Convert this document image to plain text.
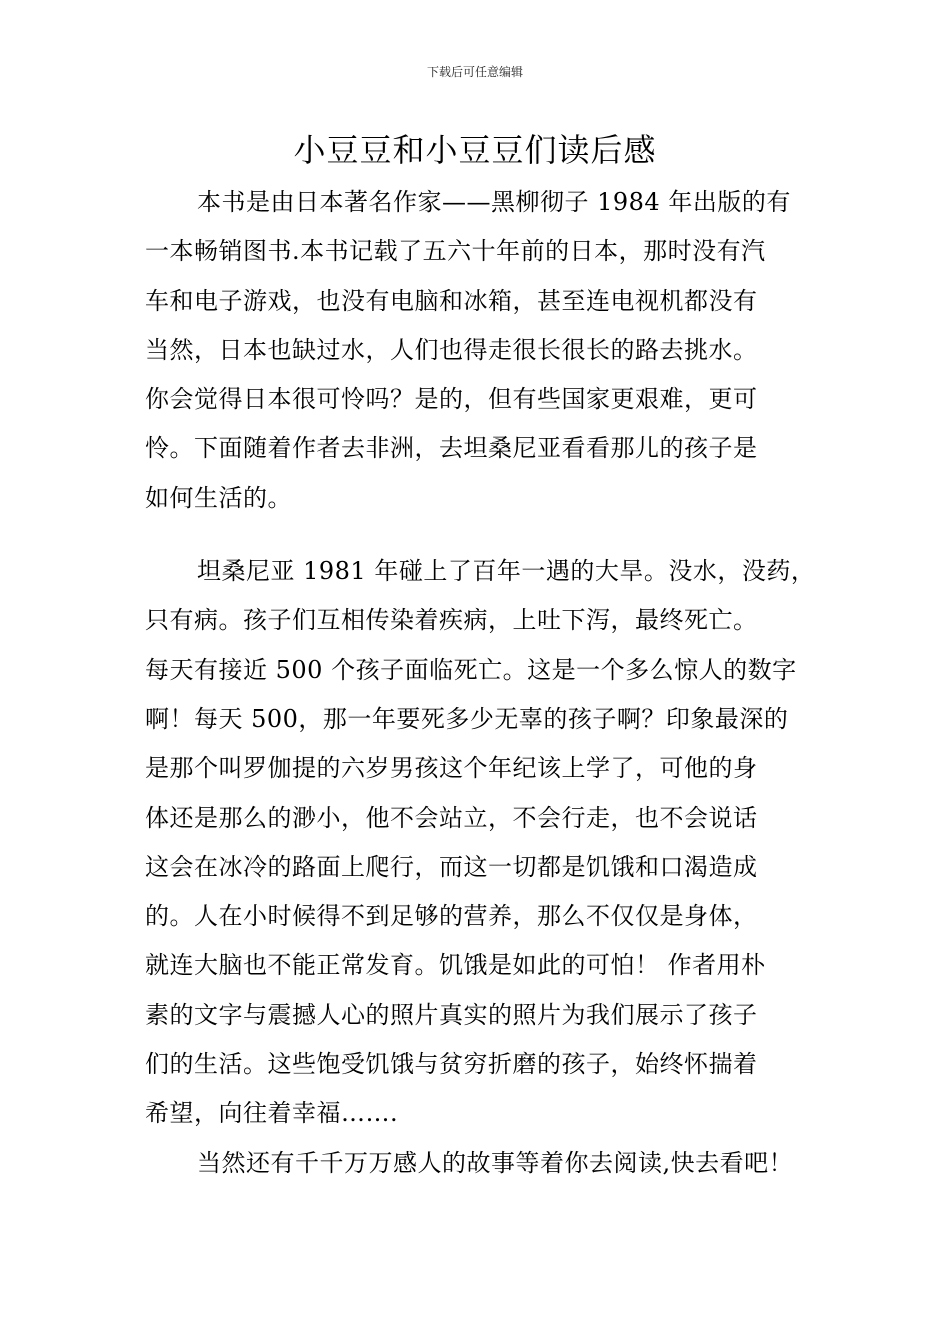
下载后可任意编辑
小豆豆和小豆豆们读后感
本书是由日本著名作家——黑柳彻子 1984 年出版的有
一本畅销图书.本书记载了五六十年前的日本，那时没有汽
车和电子游戏，也没有电脑和冰箱，甚至连电视机都没有
当然，日本也缺过水，人们也得走很长很长的路去挑水。
你会觉得日本很可怜吗？是的，但有些国家更艰难，更可
怜。下面随着作者去非洲，去坦桑尼亚看看那儿的孩子是
如何生活的。
坦桑尼亚 1981 年碰上了百年一遇的大旱。没水，没药，
只有病。孩子们互相传染着疾病，上吐下泻，最终死亡。
每天有接近 500 个孩子面临死亡。这是一个多么惊人的数字
啊！每天 500，那一年要死多少无辜的孩子啊？印象最深的
是那个叫罗伽提的六岁男孩这个年纪该上学了，可他的身
体还是那么的渺小，他不会站立，不会行走，也不会说话
这会在冰冷的路面上爬行，而这一切都是饥饿和口渴造成
的。人在小时候得不到足够的营养，那么不仅仅是身体，
就连大脑也不能正常发育。饥饿是如此的可怕！ 作者用朴
素的文字与震撼人心的照片真实的照片为我们展示了孩子
们的生活。这些饱受饥饿与贫穷折磨的孩子，始终怀揣着
希望，向往着幸福…….
当然还有千千万万感人的故事等着你去阅读,快去看吧！
